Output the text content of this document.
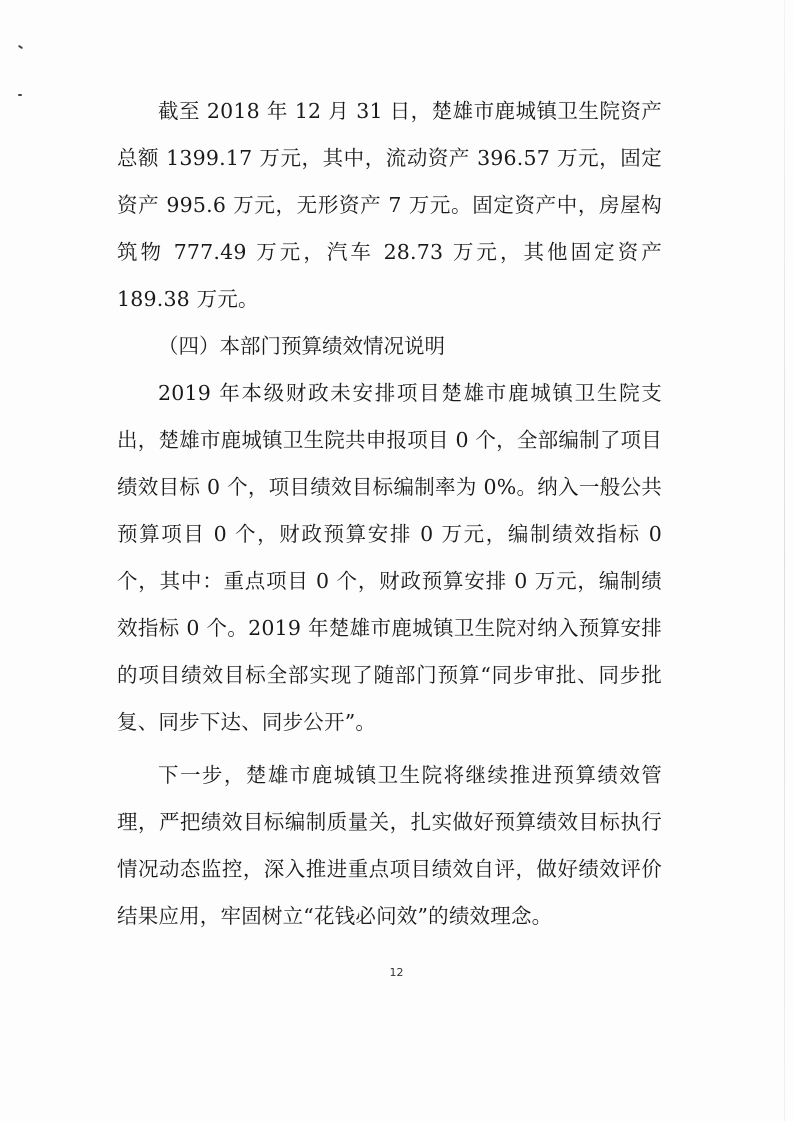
截至 2018 年 12 月 31 日，楚雄市鹿城镇卫生院资产总额 1399.17 万元，其中，流动资产 396.57 万元，固定资产 995.6 万元，无形资产 7 万元。固定资产中，房屋构筑物 777.49 万元，汽车 28.73 万元，其他固定资产 189.38 万元。

（四）本部门预算绩效情况说明

2019 年本级财政未安排项目楚雄市鹿城镇卫生院支出，楚雄市鹿城镇卫生院共申报项目 0 个，全部编制了项目绩效目标 0 个，项目绩效目标编制率为 0%。纳入一般公共预算项目 0 个，财政预算安排 0 万元，编制绩效指标 0 个，其中：重点项目 0 个，财政预算安排 0 万元，编制绩效指标 0 个。2019 年楚雄市鹿城镇卫生院对纳入预算安排的项目绩效目标全部实现了随部门预算“同步审批、同步批复、同步下达、同步公开”。

下一步，楚雄市鹿城镇卫生院将继续推进预算绩效管理，严把绩效目标编制质量关，扎实做好预算绩效目标执行情况动态监控，深入推进重点项目绩效自评，做好绩效评价结果应用，牢固树立“花钱必问效”的绩效理念。

12
